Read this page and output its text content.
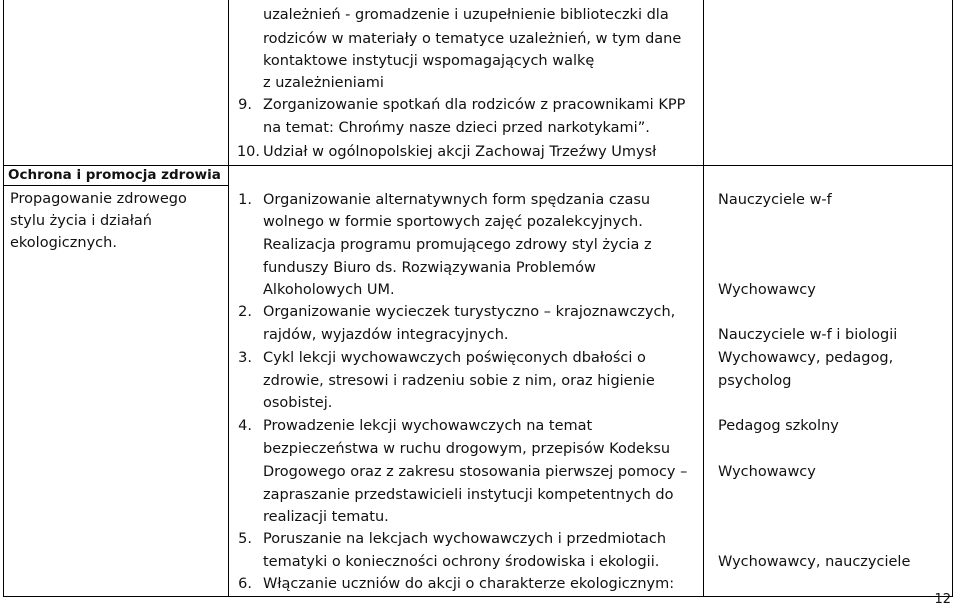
uzależnień - gromadzenie i uzupełnienie biblioteczki dla
rodziców w materiały o tematyce uzależnień, w tym dane
kontaktowe instytucji wspomagających walkę
z uzależnieniami
9. Zorganizowanie spotkań dla rodziców z pracownikami KPP
na temat: Chrońmy nasze dzieci przed narkotykami”.
10. Udział w ogólnopolskiej akcji Zachowaj Trzeźwy Umysł
Ochrona i promocja zdrowia
Propagowanie zdrowego
stylu życia i działań
ekologicznych.
1. Organizowanie alternatywnych form spędzania czasu
wolnego w formie sportowych zajęć pozalekcyjnych.
Realizacja programu promującego zdrowy styl życia z
funduszy Biuro ds. Rozwiązywania Problemów
Alkoholowych UM.
2. Organizowanie wycieczek turystyczno – krajoznawczych,
rajdów, wyjazdów integracyjnych.
3. Cykl lekcji wychowawczych poświęconych dbałości o
zdrowie, stresowi i radzeniu sobie z nim, oraz higienie
osobistej.
4. Prowadzenie lekcji wychowawczych na temat
bezpieczeństwa w ruchu drogowym, przepisów Kodeksu
Drogowego oraz z zakresu stosowania pierwszej pomocy –
zapraszanie przedstawicieli instytucji kompetentnych do
realizacji tematu.
5. Poruszanie na lekcjach wychowawczych i przedmiotach
tematyki o konieczności ochrony środowiska i ekologii.
6. Włączanie uczniów do akcji o charakterze ekologicznym:
Nauczyciele w-f
Wychowawcy
Nauczyciele w-f i biologii
Wychowawcy, pedagog,
psycholog
Pedagog szkolny
Wychowawcy
Wychowawcy, nauczyciele
12
